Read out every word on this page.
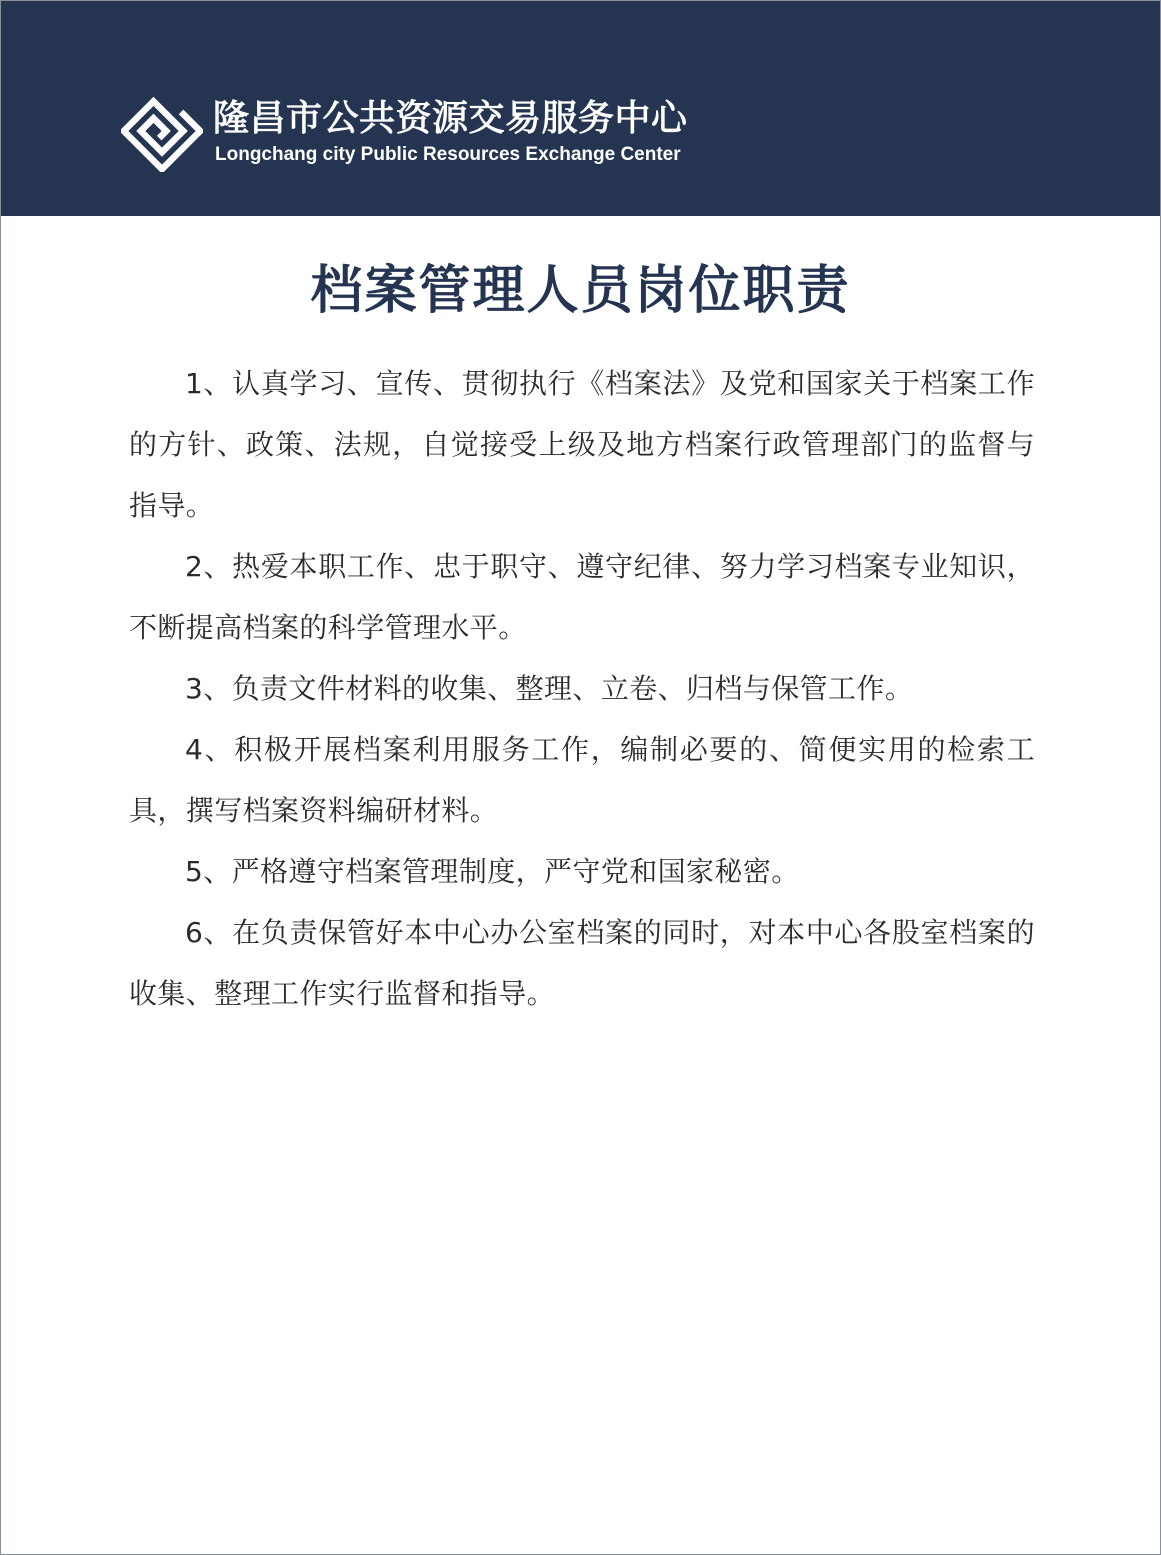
隆昌市公共资源交易服务中心
Longchang city Public Resources Exchange Center
档案管理人员岗位职责

1、认真学习、宣传、贯彻执行《档案法》及党和国家关于档案工作的方针、政策、法规，自觉接受上级及地方档案行政管理部门的监督与指导。

2、热爱本职工作、忠于职守、遵守纪律、努力学习档案专业知识，不断提高档案的科学管理水平。

3、负责文件材料的收集、整理、立卷、归档与保管工作。

4、积极开展档案利用服务工作，编制必要的、简便实用的检索工具，撰写档案资料编研材料。

5、严格遵守档案管理制度，严守党和国家秘密。

6、在负责保管好本中心办公室档案的同时，对本中心各股室档案的收集、整理工作实行监督和指导。
